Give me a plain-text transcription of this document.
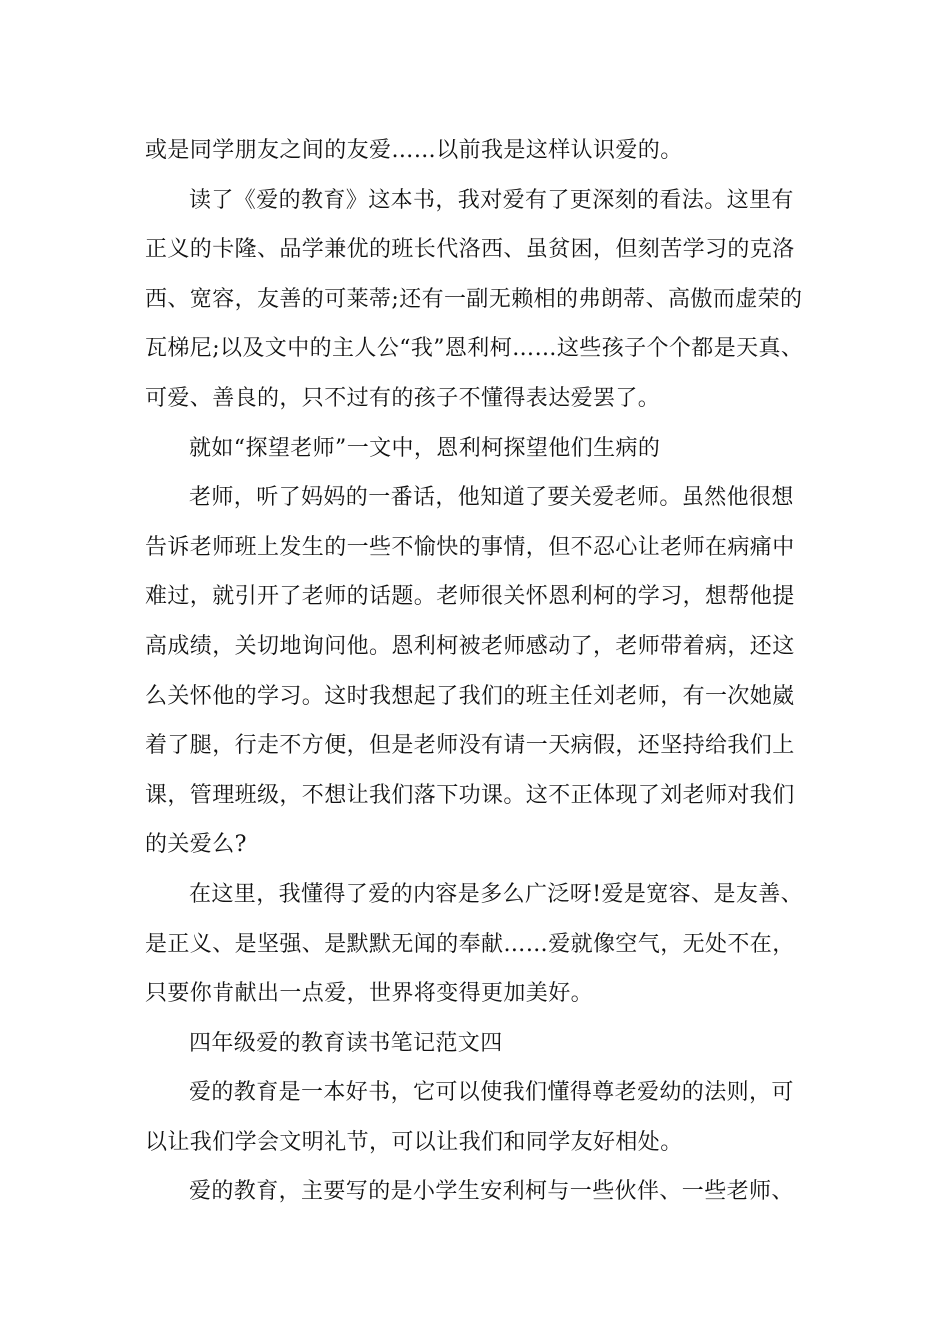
或是同学朋友之间的友爱……以前我是这样认识爱的。
读了《爱的教育》这本书，我对爱有了更深刻的看法。这里有
正义的卡隆、品学兼优的班长代洛西、虽贫困，但刻苦学习的克洛
西、宽容，友善的可莱蒂;还有一副无赖相的弗朗蒂、高傲而虚荣的
瓦梯尼;以及文中的主人公“我”恩利柯……这些孩子个个都是天真、
可爱、善良的，只不过有的孩子不懂得表达爱罢了。
就如“探望老师”一文中，恩利柯探望他们生病的
老师，听了妈妈的一番话，他知道了要关爱老师。虽然他很想
告诉老师班上发生的一些不愉快的事情，但不忍心让老师在病痛中
难过，就引开了老师的话题。老师很关怀恩利柯的学习，想帮他提
高成绩，关切地询问他。恩利柯被老师感动了，老师带着病，还这
么关怀他的学习。这时我想起了我们的班主任刘老师，有一次她崴
着了腿，行走不方便，但是老师没有请一天病假，还坚持给我们上
课，管理班级，不想让我们落下功课。这不正体现了刘老师对我们
的关爱么?
在这里，我懂得了爱的内容是多么广泛呀!爱是宽容、是友善、
是正义、是坚强、是默默无闻的奉献……爱就像空气，无处不在，
只要你肯献出一点爱，世界将变得更加美好。
四年级爱的教育读书笔记范文四
爱的教育是一本好书，它可以使我们懂得尊老爱幼的法则，可
以让我们学会文明礼节，可以让我们和同学友好相处。
爱的教育，主要写的是小学生安利柯与一些伙伴、一些老师、
